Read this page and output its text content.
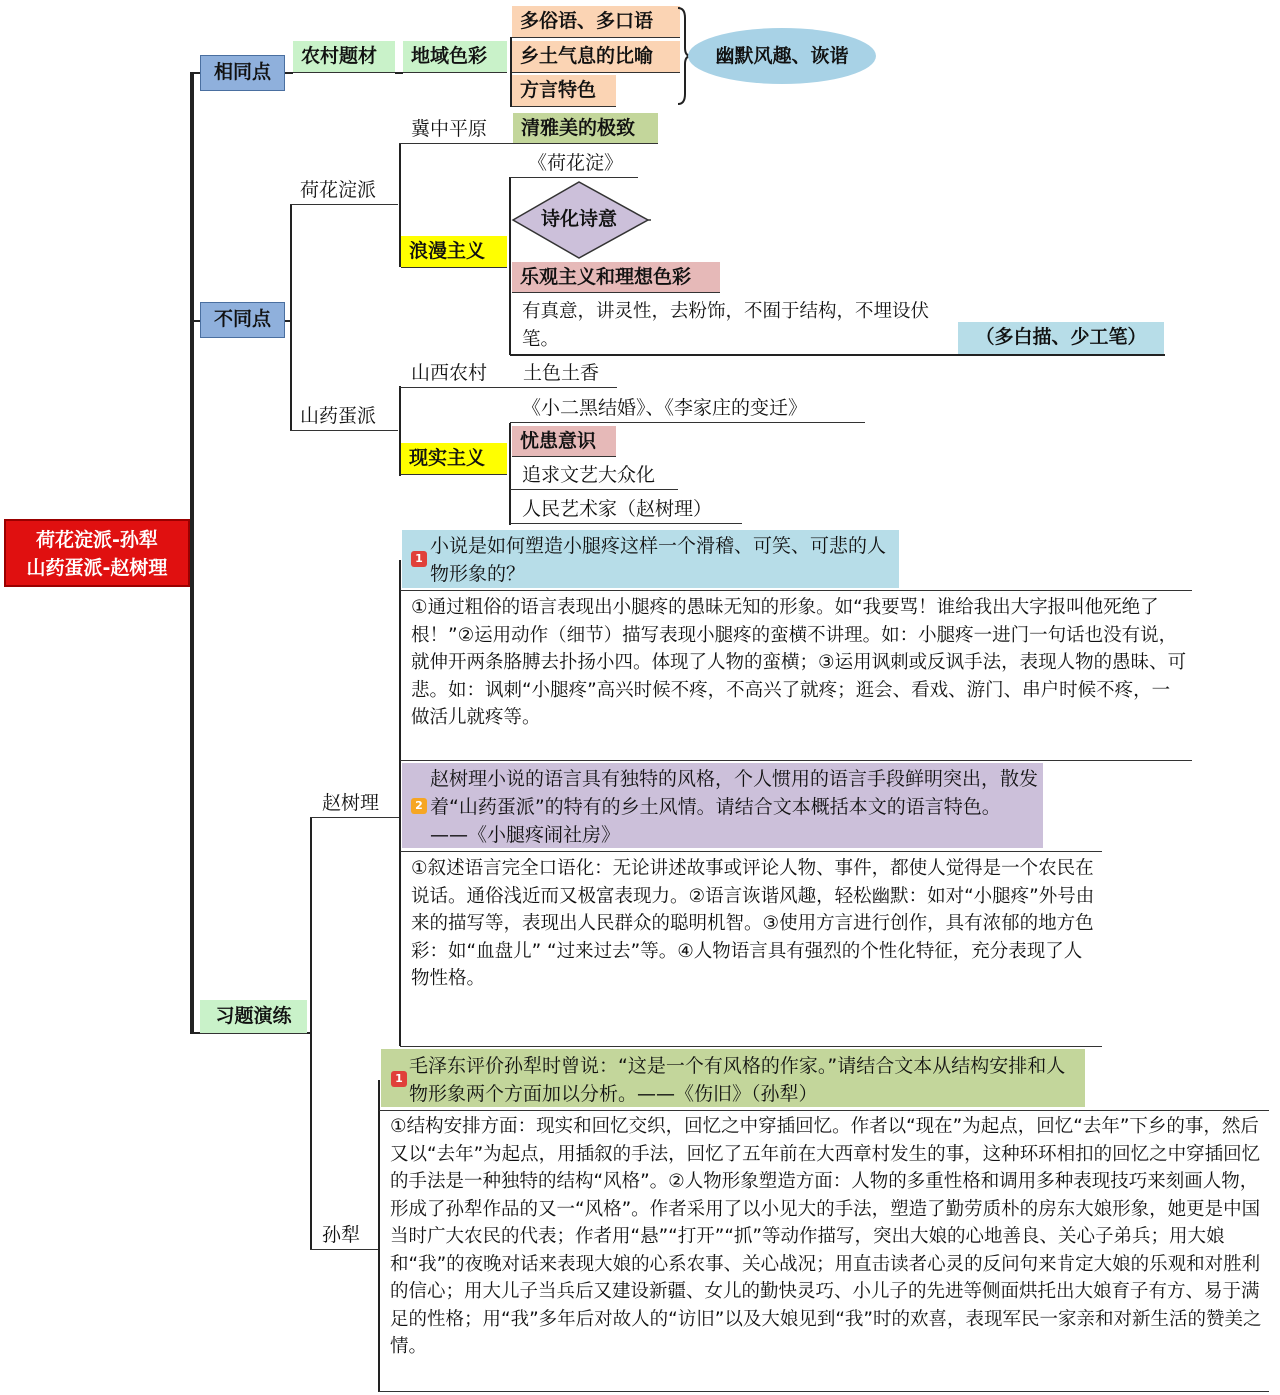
荷花淀派-孙犁
山药蛋派-赵树理
相同点
农村题材	地域色彩
多俗语、多口语
乡土气息的比喻
方言特色
幽默风趣、诙谐
不同点
荷花淀派
冀中平原	清雅美的极致
浪漫主义
《荷花淀》
诗化诗意
乐观主义和理想色彩
有真意，讲灵性，去粉饰，不囿于结构，不埋设伏笔。	（多白描、少工笔）
山药蛋派
山西农村	土色土香
现实主义
《小二黑结婚》、《李家庄的变迁》
忧患意识
追求文艺大众化
人民艺术家（赵树理）
习题演练
赵树理
1
小说是如何塑造小腿疼这样一个滑稽、可笑、可悲的人物形象的？
①通过粗俗的语言表现出小腿疼的愚昧无知的形象。如“我要骂！谁给我出大字报叫他死绝了根！”②运用动作（细节）描写表现小腿疼的蛮横不讲理。如：小腿疼一进门一句话也没有说，就伸开两条胳膊去扑扬小四。体现了人物的蛮横；③运用讽刺或反讽手法，表现人物的愚昧、可悲。如：讽刺“小腿疼”高兴时候不疼，不高兴了就疼；逛会、看戏、游门、串户时候不疼，一做活儿就疼等。
2
赵树理小说的语言具有独特的风格，个人惯用的语言手段鲜明突出，散发着“山药蛋派”的特有的乡土风情。请结合文本概括本文的语言特色。——《小腿疼闹社房》
①叙述语言完全口语化：无论讲述故事或评论人物、事件，都使人觉得是一个农民在说话。通俗浅近而又极富表现力。②语言诙谐风趣，轻松幽默：如对“小腿疼”外号由来的描写等，表现出人民群众的聪明机智。③使用方言进行创作，具有浓郁的地方色彩：如“血盘儿” “过来过去”等。④人物语言具有强烈的个性化特征，充分表现了人物性格。
孙犁
1
毛泽东评价孙犁时曾说：“这是一个有风格的作家。”请结合文本从结构安排和人物形象两个方面加以分析。——《伤旧》（孙犁）
①结构安排方面：现实和回忆交织，回忆之中穿插回忆。作者以“现在”为起点，回忆“去年”下乡的事，然后又以“去年”为起点，用插叙的手法，回忆了五年前在大西章村发生的事，这种环环相扣的回忆之中穿插回忆的手法是一种独特的结构“风格”。②人物形象塑造方面：人物的多重性格和调用多种表现技巧来刻画人物，形成了孙犁作品的又一“风格”。作者采用了以小见大的手法，塑造了勤劳质朴的房东大娘形象，她更是中国当时广大农民的代表；作者用“悬”“打开”“抓”等动作描写，突出大娘的心地善良、关心子弟兵；用大娘和“我”的夜晚对话来表现大娘的心系农事、关心战况；用直击读者心灵的反问句来肯定大娘的乐观和对胜利的信心；用大儿子当兵后又建设新疆、女儿的勤快灵巧、小儿子的先进等侧面烘托出大娘育子有方、易于满足的性格；用“我”多年后对故人的“访旧”以及大娘见到“我”时的欢喜，表现军民一家亲和对新生活的赞美之情。
